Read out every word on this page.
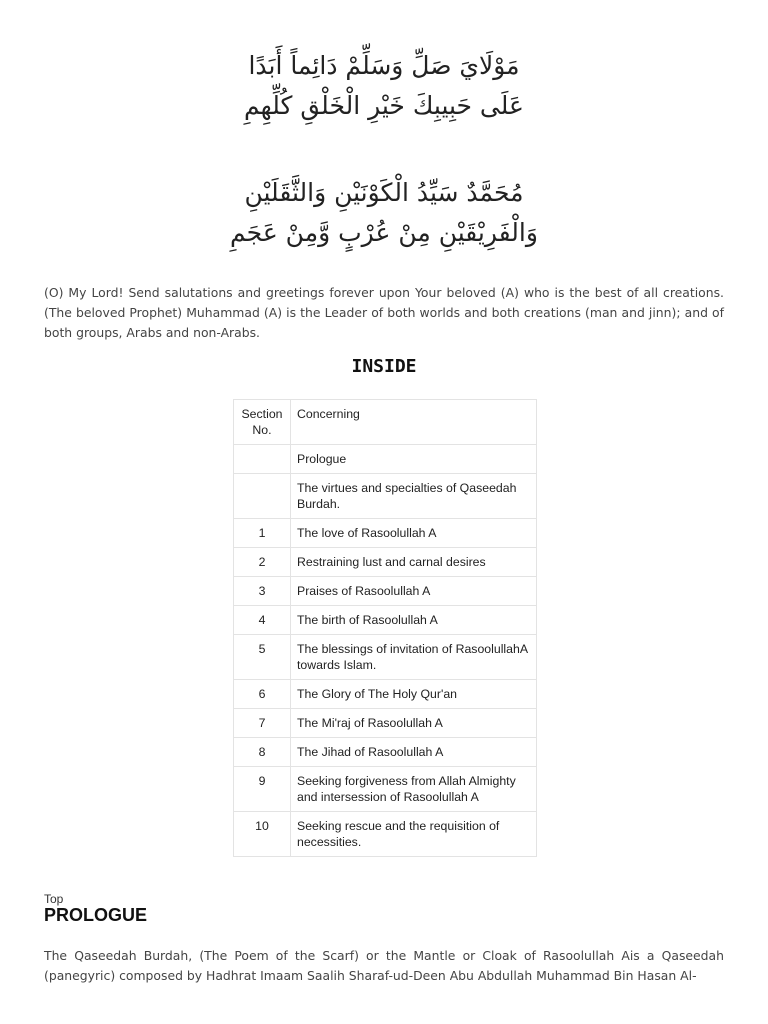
مَوْلَايَ صَلِّ وَسَلِّمْ دَائِماً أَبَدًا

عَلَى حَبِيبِكَ خَيْرِ الْخَلْقِ كُلِّهِمِ

مُحَمَّدٌ سَيِّدُ الْكَوْنَيْنِ وَالثَّقَلَيْنِ

وَالْفَرِيْقَيْنِ مِنْ عُرْبٍ وَّمِنْ عَجَمِ

(O) My Lord! Send salutations and greetings forever upon Your beloved (A) who is the best of all creations. (The beloved Prophet) Muhammad (A) is the Leader of both worlds and both creations (man and jinn); and of both groups, Arabs and non-Arabs.

INSIDE
Section No.	Concerning
	Prologue
	The virtues and specialties of Qaseedah Burdah.
1	The love of Rasoolullah A
2	Restraining lust and carnal desires
3	Praises of Rasoolullah A
4	The birth of Rasoolullah A
5	The blessings of invitation of RasoolullahA towards Islam.
6	The Glory of The Holy Qur'an
7	The Mi'raj of Rasoolullah A
8	The Jihad of Rasoolullah A
9	Seeking forgiveness from Allah Almighty and intersession of Rasoolullah A
10	Seeking rescue and the requisition of necessities.
Top
PROLOGUE

The Qaseedah Burdah, (The Poem of the Scarf) or the Mantle or Cloak of Rasoolullah Ais a Qaseedah (panegyric) composed by Hadhrat Imaam Saalih Sharaf-ud-Deen Abu Abdullah Muhammad Bin Hasan Al-
